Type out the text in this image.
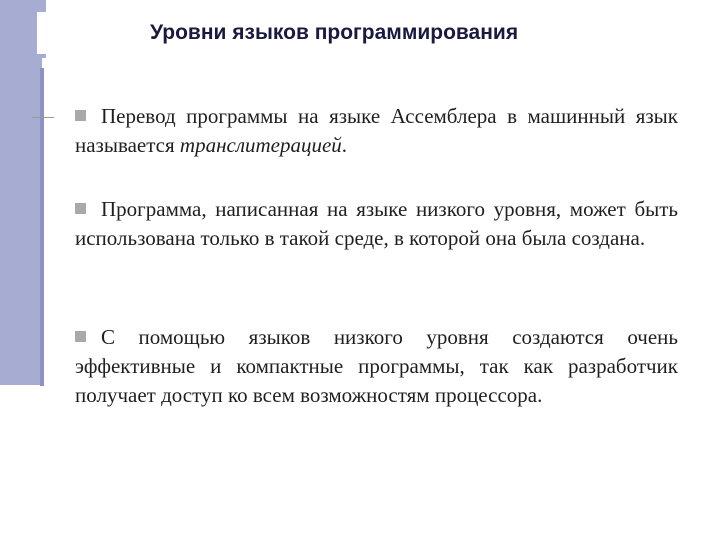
Уровни языков программирования
Перевод программы на языке Ассемблера в машинный язык называется транслитерацией.
Программа, написанная на языке низкого уровня, может быть использована только в такой среде, в которой она была создана.
С помощью языков низкого уровня создаются очень эффективные и компактные программы, так как разработчик получает доступ ко всем возможностям процессора.
